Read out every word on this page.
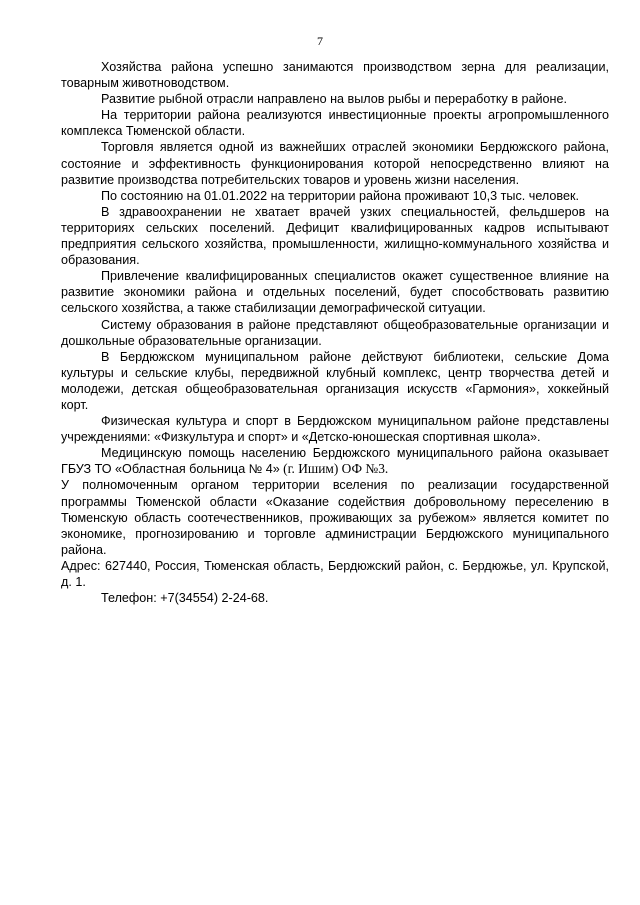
7

Хозяйства района успешно занимаются производством зерна для реализации, товарным животноводством.

Развитие рыбной отрасли направлено на вылов рыбы и переработку в районе.

На территории района реализуются инвестиционные проекты агропромышленного комплекса Тюменской области.

Торговля является одной из важнейших отраслей экономики Бердюжского района, состояние и эффективность функционирования которой непосредственно влияют на развитие производства потребительских товаров и уровень жизни населения.

По состоянию на 01.01.2022 на территории района проживают 10,3 тыс. человек.

В здравоохранении не хватает врачей узких специальностей, фельдшеров на территориях сельских поселений. Дефицит квалифицированных кадров испытывают предприятия сельского хозяйства, промышленности, жилищно-коммунального хозяйства и образования.

Привлечение квалифицированных специалистов окажет существенное влияние на развитие экономики района и отдельных поселений, будет способствовать развитию сельского хозяйства, а также стабилизации демографической ситуации.

Систему образования в районе представляют общеобразовательные организации и дошкольные образовательные организации.

В Бердюжском муниципальном районе действуют библиотеки, сельские Дома культуры и сельские клубы, передвижной клубный комплекс, центр творчества детей и молодежи, детская общеобразовательная организация искусств «Гармония», хоккейный корт.

Физическая культура и спорт в Бердюжском муниципальном районе представлены учреждениями: «Физкультура и спорт» и «Детско-юношеская спортивная школа».

Медицинскую помощь населению Бердюжского муниципального района оказывает ГБУЗ ТО «Областная больница № 4» (г. Ишим) ОФ №3.

У полномоченным органом территории вселения по реализации государственной программы Тюменской области «Оказание содействия добровольному переселению в Тюменскую область соотечественников, проживающих за рубежом» является комитет по экономике, прогнозированию и торговле администрации Бердюжского муниципального района.

Адрес: 627440, Россия, Тюменская область, Бердюжский район, с. Бердюжье, ул. Крупской, д. 1.

Телефон: +7(34554) 2-24-68.
